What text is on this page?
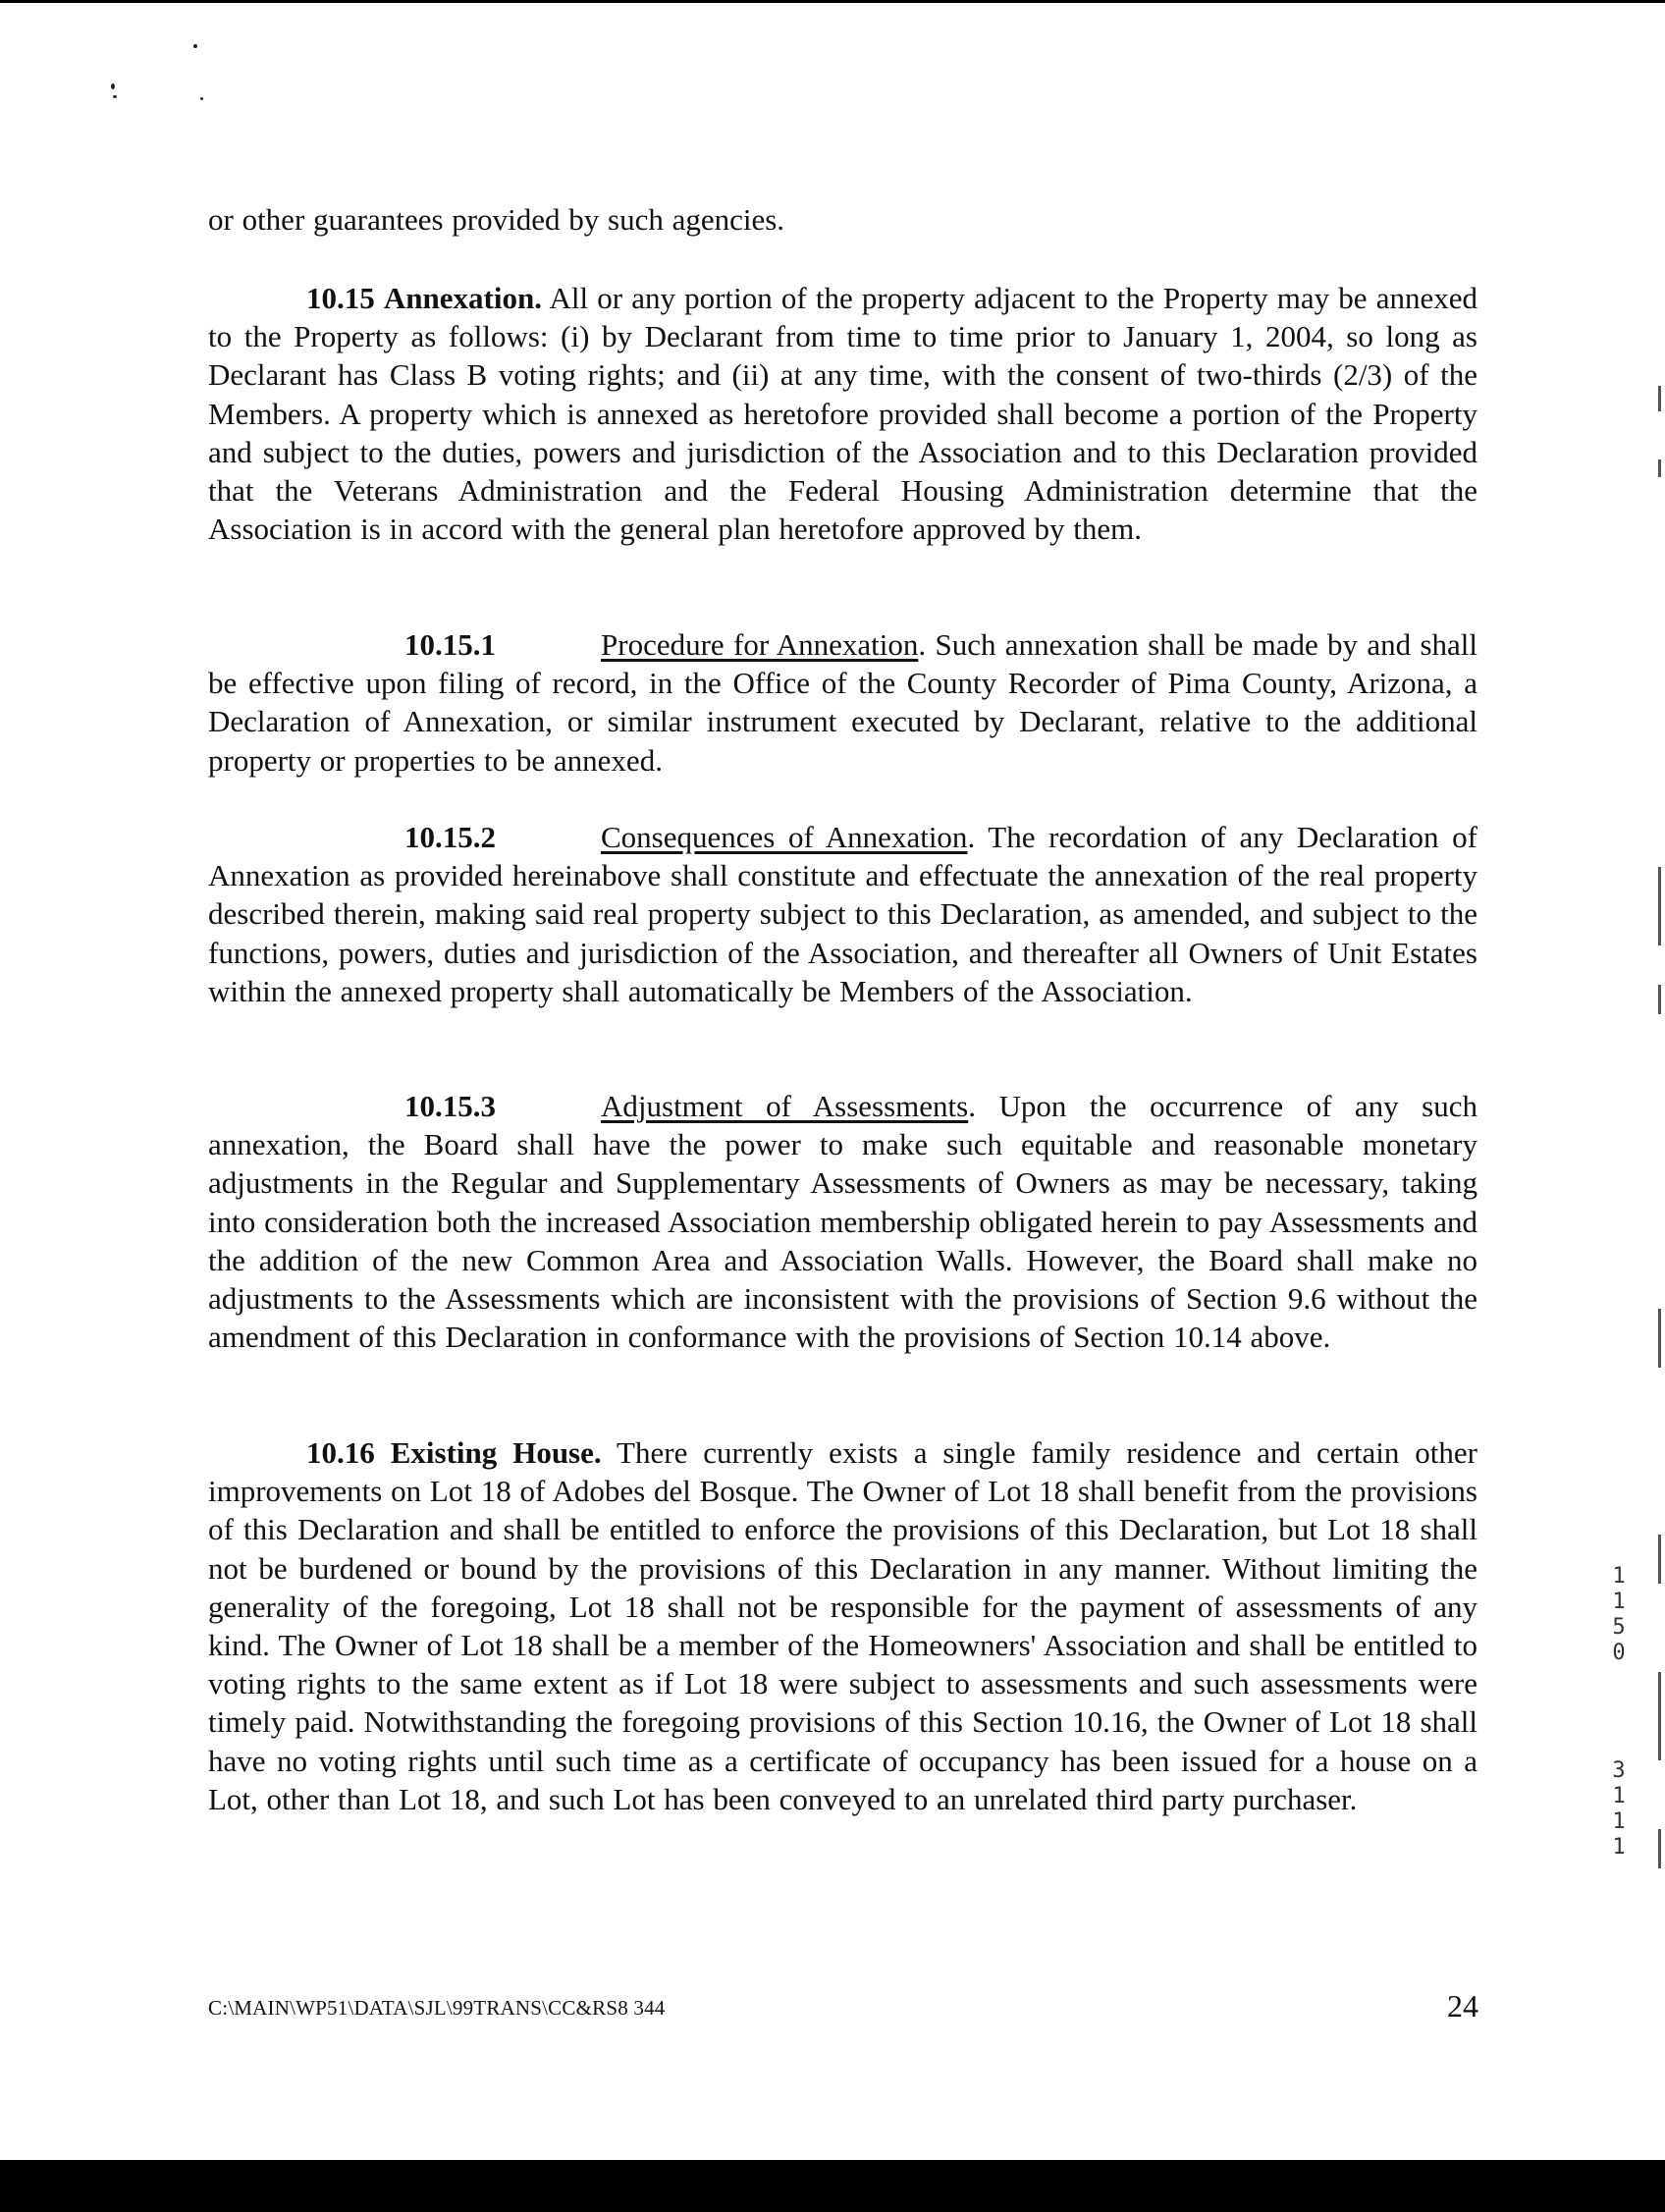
or other guarantees provided by such agencies.
10.15 Annexation. All or any portion of the property adjacent to the Property may be annexed to the Property as follows: (i) by Declarant from time to time prior to January 1, 2004, so long as Declarant has Class B voting rights; and (ii) at any time, with the consent of two-thirds (2/3) of the Members. A property which is annexed as heretofore provided shall become a portion of the Property and subject to the duties, powers and jurisdiction of the Association and to this Declaration provided that the Veterans Administration and the Federal Housing Administration determine that the Association is in accord with the general plan heretofore approved by them.
10.15.1	Procedure for Annexation. Such annexation shall be made by and shall be effective upon filing of record, in the Office of the County Recorder of Pima County, Arizona, a Declaration of Annexation, or similar instrument executed by Declarant, relative to the additional property or properties to be annexed.
10.15.2	Consequences of Annexation. The recordation of any Declaration of Annexation as provided hereinabove shall constitute and effectuate the annexation of the real property described therein, making said real property subject to this Declaration, as amended, and subject to the functions, powers, duties and jurisdiction of the Association, and thereafter all Owners of Unit Estates within the annexed property shall automatically be Members of the Association.
10.15.3	Adjustment of Assessments. Upon the occurrence of any such annexation, the Board shall have the power to make such equitable and reasonable monetary adjustments in the Regular and Supplementary Assessments of Owners as may be necessary, taking into consideration both the increased Association membership obligated herein to pay Assessments and the addition of the new Common Area and Association Walls. However, the Board shall make no adjustments to the Assessments which are inconsistent with the provisions of Section 9.6 without the amendment of this Declaration in conformance with the provisions of Section 10.14 above.
10.16 Existing House. There currently exists a single family residence and certain other improvements on Lot 18 of Adobes del Bosque. The Owner of Lot 18 shall benefit from the provisions of this Declaration and shall be entitled to enforce the provisions of this Declaration, but Lot 18 shall not be burdened or bound by the provisions of this Declaration in any manner. Without limiting the generality of the foregoing, Lot 18 shall not be responsible for the payment of assessments of any kind. The Owner of Lot 18 shall be a member of the Homeowners' Association and shall be entitled to voting rights to the same extent as if Lot 18 were subject to assessments and such assessments were timely paid. Notwithstanding the foregoing provisions of this Section 10.16, the Owner of Lot 18 shall have no voting rights until such time as a certificate of occupancy has been issued for a house on a Lot, other than Lot 18, and such Lot has been conveyed to an unrelated third party purchaser.
C:\MAIN\WP51\DATA\SJL\99TRANS\CC&RS8 344	24
1150
3111
